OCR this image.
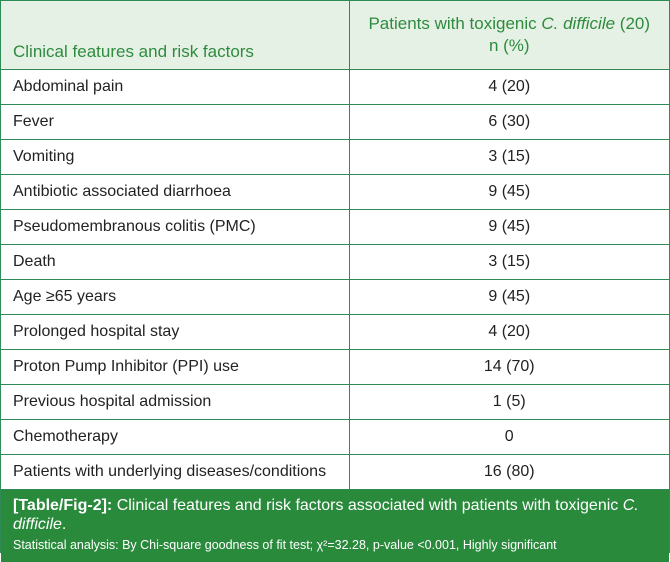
Clinical features and risk factors	Patients with toxigenic C. difficile (20)
n (%)
Abdominal pain	4 (20)
Fever	6 (30)
Vomiting	3 (15)
Antibiotic associated diarrhoea	9 (45)
Pseudomembranous colitis (PMC)	9 (45)
Death	3 (15)
Age ≥65 years	9 (45)
Prolonged hospital stay	4 (20)
Proton Pump Inhibitor (PPI) use	14 (70)
Previous hospital admission	1 (5)
Chemotherapy	0
Patients with underlying diseases/conditions	16 (80)
[Table/Fig-2]: Clinical features and risk factors associated with patients with toxigenic C. difficile.
Statistical analysis: By Chi-square goodness of fit test; χ²=32.28, p-value <0.001, Highly significant
